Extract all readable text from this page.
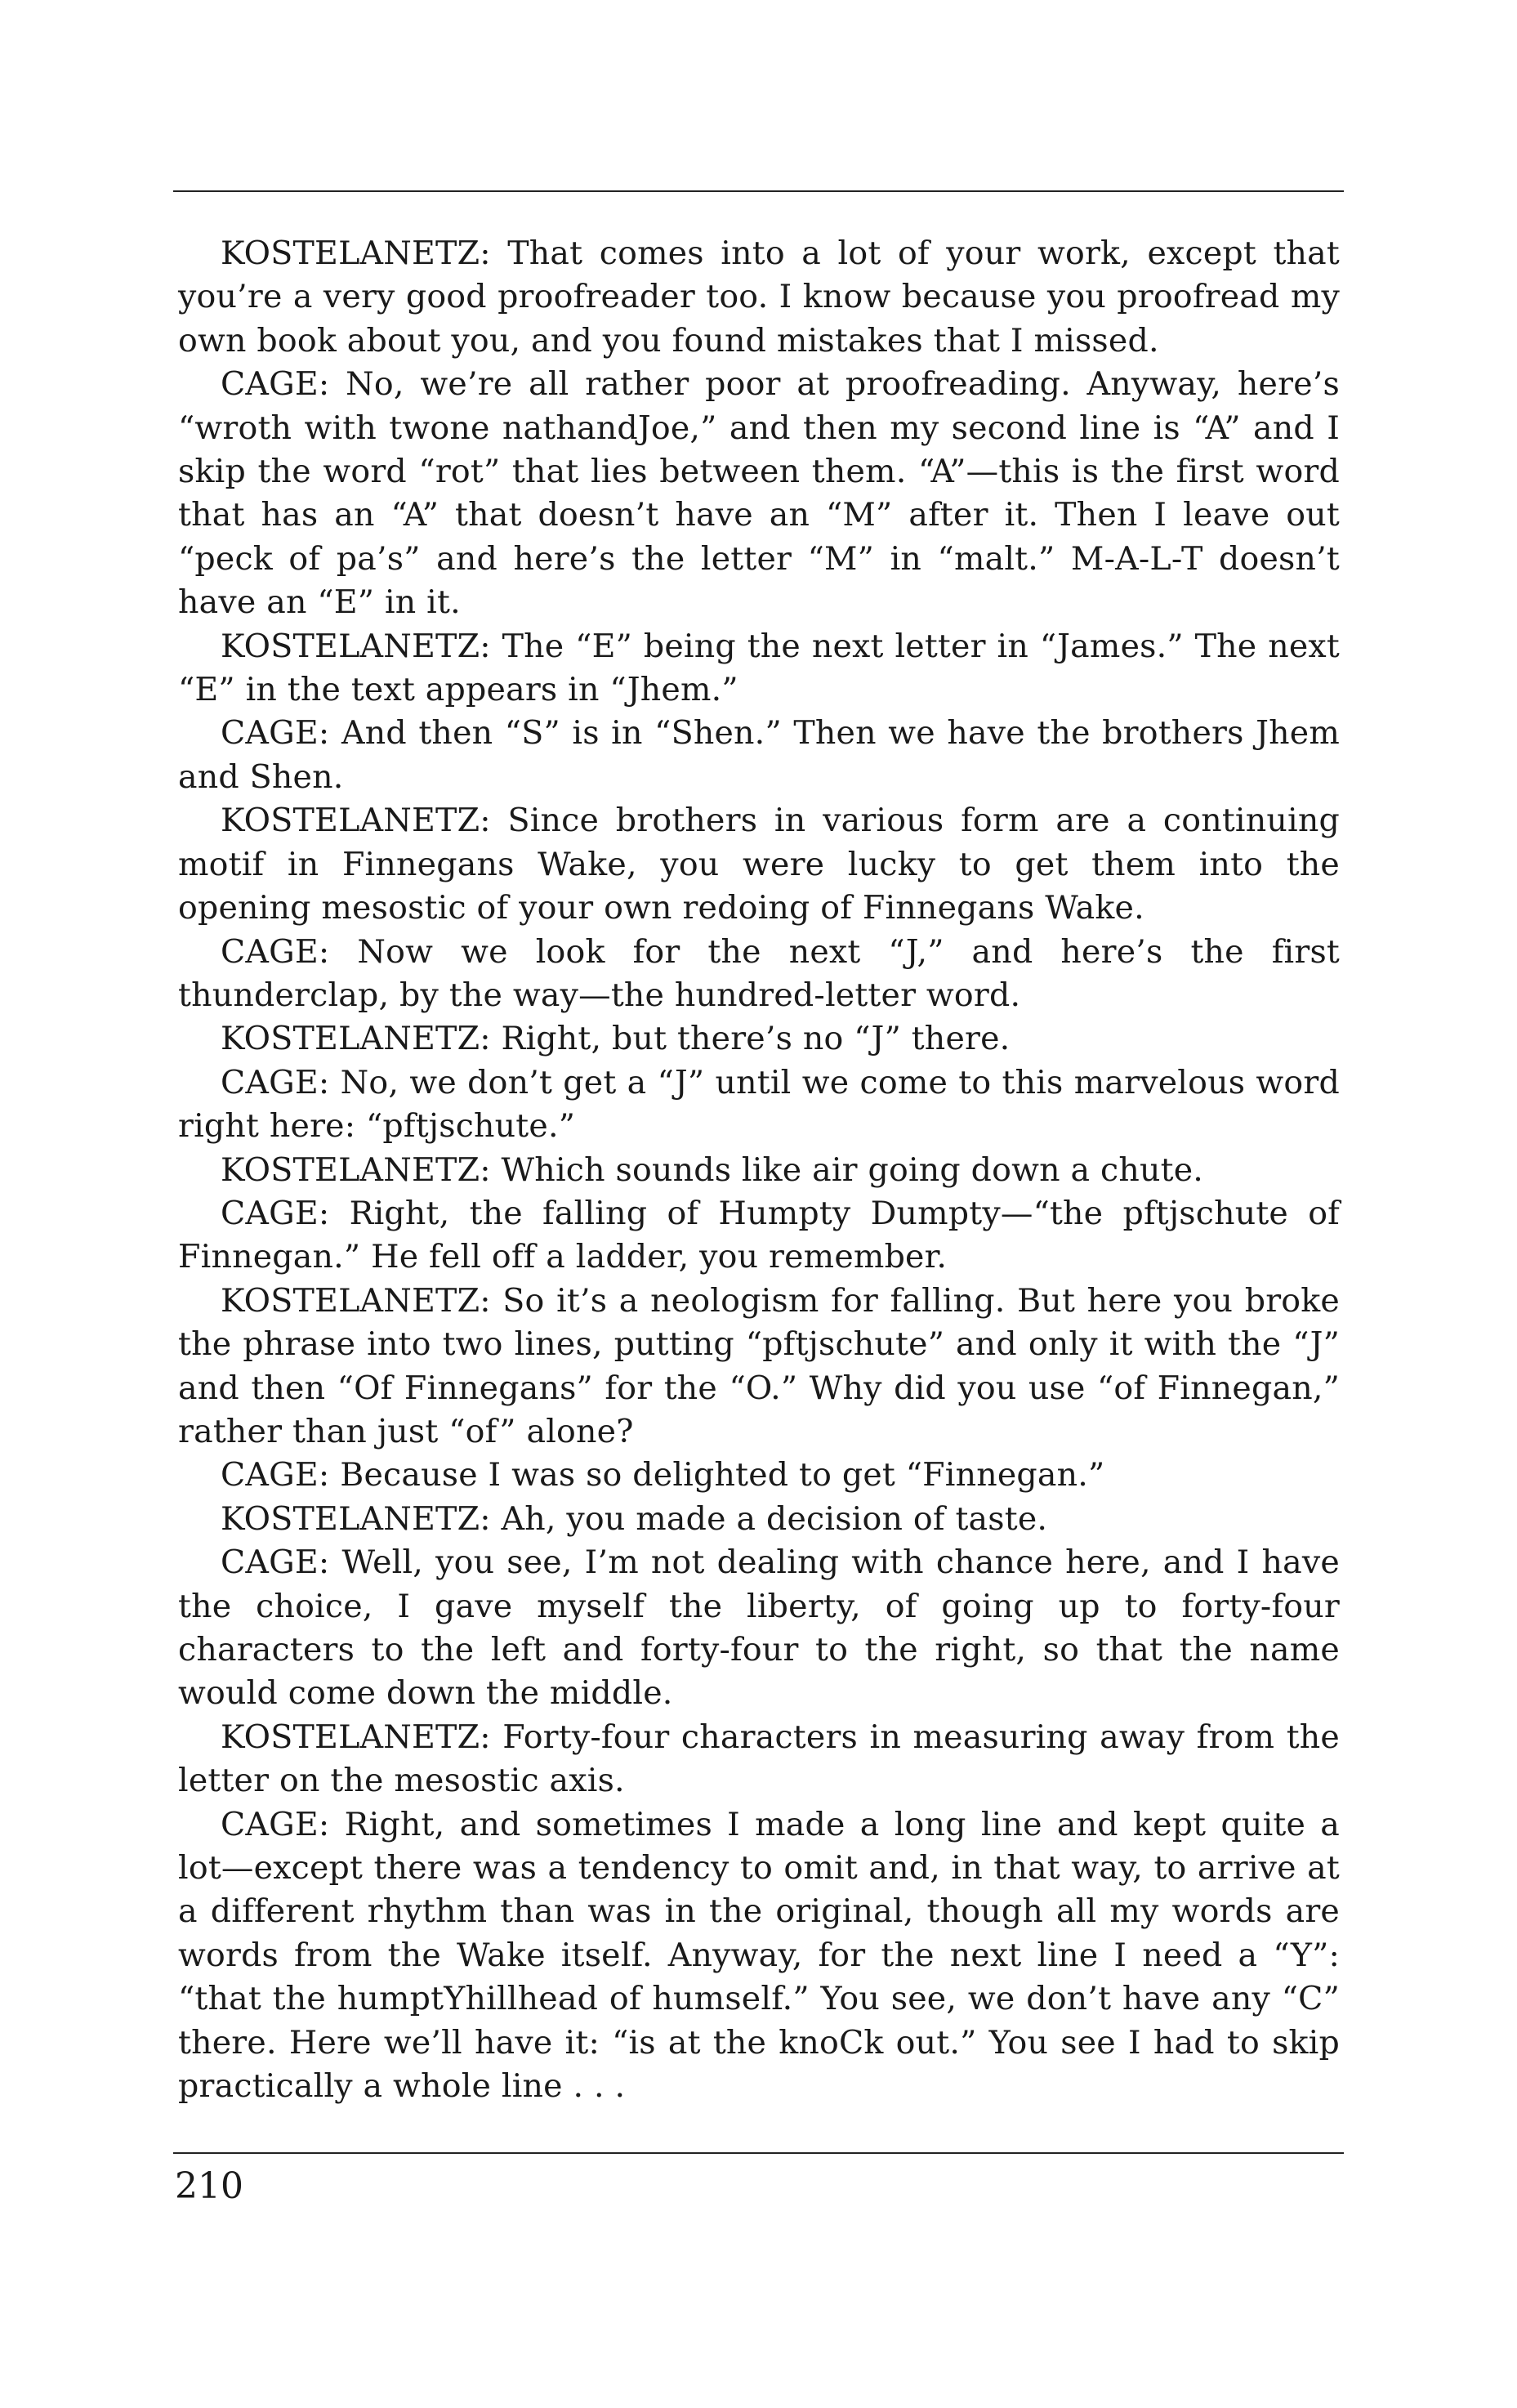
KOSTELANETZ: That comes into a lot of your work, except that you’re a very good proofreader too. I know because you proofread my own book about you, and you found mistakes that I missed.

CAGE: No, we’re all rather poor at proofreading. Anyway, here’s “wroth with twone nathandJoe,” and then my second line is “A” and I skip the word “rot” that lies between them. “A”—this is the first word that has an “A” that doesn’t have an “M” after it. Then I leave out “peck of pa’s” and here’s the letter “M” in “malt.” M-A-L-T doesn’t have an “E” in it.

KOSTELANETZ: The “E” being the next letter in “James.” The next “E” in the text appears in “Jhem.”

CAGE: And then “S” is in “Shen.” Then we have the brothers Jhem and Shen.

KOSTELANETZ: Since brothers in various form are a continuing motif in Finnegans Wake, you were lucky to get them into the opening mesostic of your own redoing of Finnegans Wake.

CAGE: Now we look for the next “J,” and here’s the first thunderclap, by the way—the hundred-letter word.

KOSTELANETZ: Right, but there’s no “J” there.

CAGE: No, we don’t get a “J” until we come to this marvelous word right here: “pftjschute.”

KOSTELANETZ: Which sounds like air going down a chute.

CAGE: Right, the falling of Humpty Dumpty—“the pftjschute of Finnegan.” He fell off a ladder, you remember.

KOSTELANETZ: So it’s a neologism for falling. But here you broke the phrase into two lines, putting “pftjschute” and only it with the “J” and then “Of Finnegans” for the “O.” Why did you use “of Finnegan,” rather than just “of” alone?

CAGE: Because I was so delighted to get “Finnegan.”

KOSTELANETZ: Ah, you made a decision of taste.

CAGE: Well, you see, I’m not dealing with chance here, and I have the choice, I gave myself the liberty, of going up to forty-four characters to the left and forty-four to the right, so that the name would come down the middle.

KOSTELANETZ: Forty-four characters in measuring away from the letter on the mesostic axis.

CAGE: Right, and sometimes I made a long line and kept quite a lot—except there was a tendency to omit and, in that way, to arrive at a different rhythm than was in the original, though all my words are words from the Wake itself. Anyway, for the next line I need a “Y”: “that the humptYhillhead of humself.” You see, we don’t have any “C” there. Here we’ll have it: “is at the knoCk out.” You see I had to skip practically a whole line . . .

210
